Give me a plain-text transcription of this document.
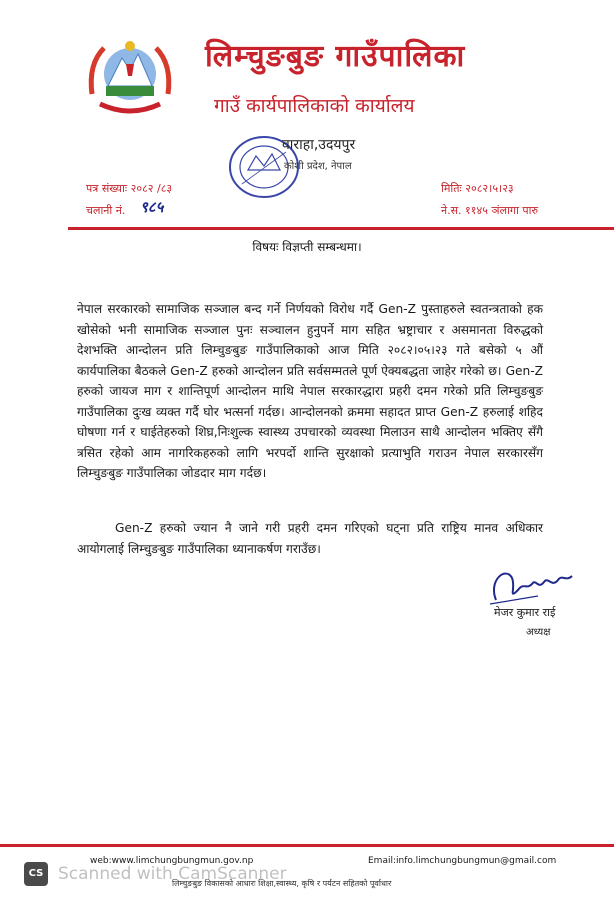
लिम्चुङबुङ गाउँपालिका
गाउँ कार्यपालिकाको कार्यालय
वाराहा,उदयपुर
कोशी प्रदेश, नेपाल
पत्र संख्याः २०८२ /८३
चलानी नं. ९८५
मितिः २०८२।५।२३
ने.स. ११४५ ञंलागा पारु
विषयः विज्ञप्ती सम्बन्धमा।
नेपाल सरकारको सामाजिक सञ्जाल बन्द गर्ने निर्णयको विरोध गर्दै Gen-Z पुस्ताहरुले स्वतन्त्रताको हक खोसेको भनी सामाजिक सञ्जाल पुनः सञ्चालन हुनुपर्ने माग सहित भ्रष्ट्राचार र असमानता विरुद्धको देशभक्ति आन्दोलन प्रति लिम्चुङबुङ गाउँपालिकाको आज मिति २०८२।०५।२३ गते बसेको ५ औं कार्यपालिका बैठकले Gen-Z हरुको आन्दोलन प्रति सर्वसम्मतले पूर्ण ऐक्यबद्धता जाहेर गरेको छ। Gen-Z हरुको जायज माग र शान्तिपूर्ण आन्दोलन माथि नेपाल सरकारद्धारा प्रहरी दमन गरेको प्रति लिम्चुङबुङ गाउँपालिका दुःख व्यक्त गर्दै घोर भत्सर्ना गर्दछ। आन्दोलनको क्रममा सहादत प्राप्त Gen-Z हरुलाई शहिद घोषणा गर्न र घाईतेहरुको शिघ्र,निःशुल्क स्वास्थ्य उपचारको व्यवस्था मिलाउन साथै आन्दोलन भक्तिए सँगै त्रसित रहेको आम नागरिकहरुको लागि भरपर्दो शान्ति सुरक्षाको प्रत्याभुति गराउन नेपाल सरकारसँग लिम्चुङबुङ गाउँपालिका जोडदार माग गर्दछ।
Gen-Z हरुको ज्यान नै जाने गरी प्रहरी दमन गरिएको घट्ना प्रति राष्ट्रिय मानव अधिकार आयोगलाई लिम्चुङबुङ गाउँपालिका ध्यानाकर्षण गराउँछ।
मेजर कुमार राई
अध्यक्ष
web:www.limchungbungmun.gov.np	Email:info.limchungbungmun@gmail.com
लिम्चुङबुङ विकासको आधारः शिक्षा,स्वास्थ्य, कृषि र पर्यटन सहितको पूर्वाधार
CS Scanned with CamScanner
